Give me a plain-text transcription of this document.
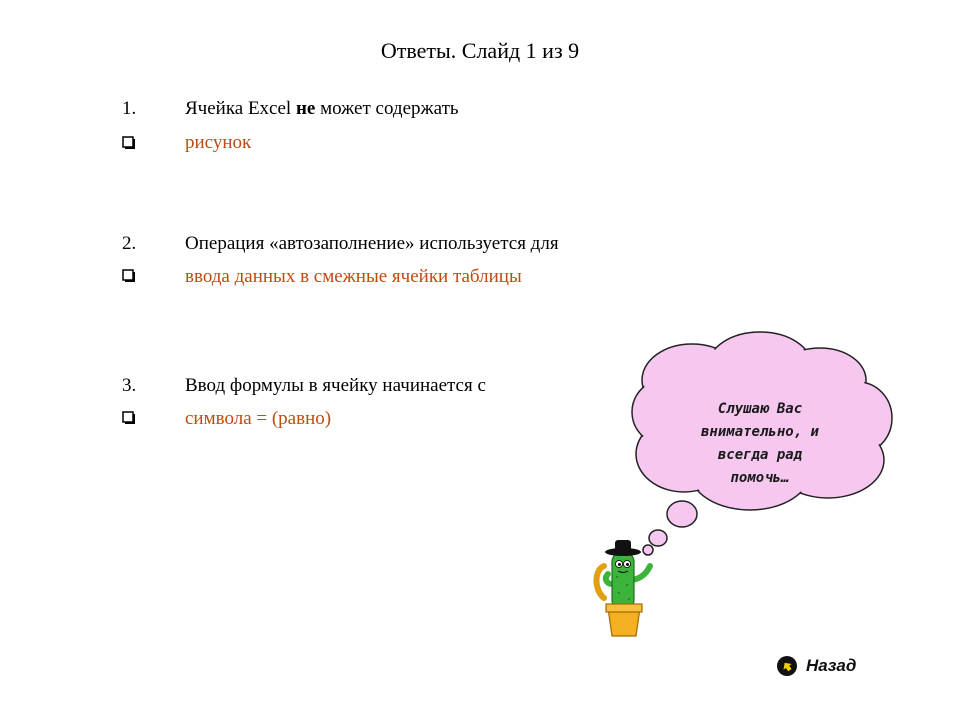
Ответы. Слайд 1 из 9
1.	Ячейка Excel не может содержать
рисунок
2.	Операция «автозаполнение» используется для
ввода данных в смежные ячейки таблицы
3.	Ввод формулы в ячейку начинается с
символа = (равно)	Слушаю Вас
внимательно, и
всегда рад
помочь…
Назад
